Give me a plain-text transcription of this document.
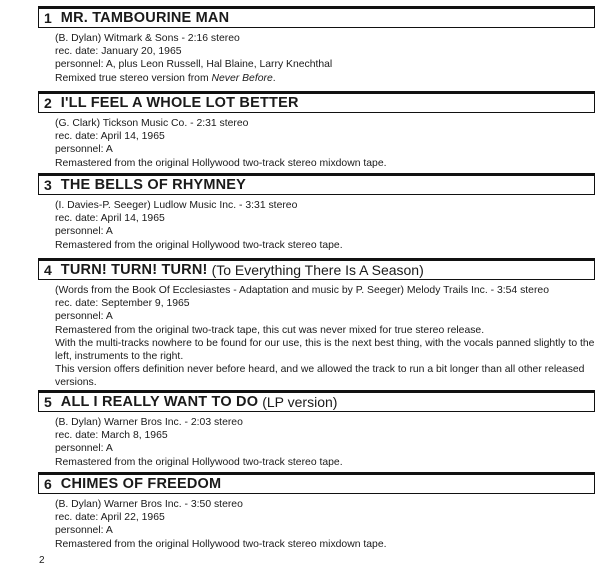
1 MR. TAMBOURINE MAN
(B. Dylan) Witmark & Sons - 2:16 stereo
rec. date: January 20, 1965
personnel: A, plus Leon Russell, Hal Blaine, Larry Knechthal
Remixed true stereo version from Never Before.
2 I'LL FEEL A WHOLE LOT BETTER
(G. Clark) Tickson Music Co. - 2:31 stereo
rec. date: April 14, 1965
personnel: A
Remastered from the original Hollywood two-track stereo mixdown tape.
3 THE BELLS OF RHYMNEY
(I. Davies-P. Seeger) Ludlow Music Inc. - 3:31 stereo
rec. date: April 14, 1965
personnel: A
Remastered from the original Hollywood two-track stereo tape.
4 TURN! TURN! TURN! (To Everything There Is A Season)
(Words from the Book Of Ecclesiastes - Adaptation and music by P. Seeger) Melody Trails Inc. - 3:54 stereo
rec. date: September 9, 1965
personnel: A
Remastered from the original two-track tape, this cut was never mixed for true stereo release.
With the multi-tracks nowhere to be found for our use, this is the next best thing, with the vocals panned slightly to the left, instruments to the right.
This version offers definition never before heard, and we allowed the track to run a bit longer than all other released versions.
5 ALL I REALLY WANT TO DO (LP version)
(B. Dylan) Warner Bros Inc. - 2:03 stereo
rec. date: March 8, 1965
personnel: A
Remastered from the original Hollywood two-track stereo tape.
6 CHIMES OF FREEDOM
(B. Dylan) Warner Bros Inc. - 3:50 stereo
rec. date: April 22, 1965
personnel: A
Remastered from the original Hollywood two-track stereo mixdown tape.
2
